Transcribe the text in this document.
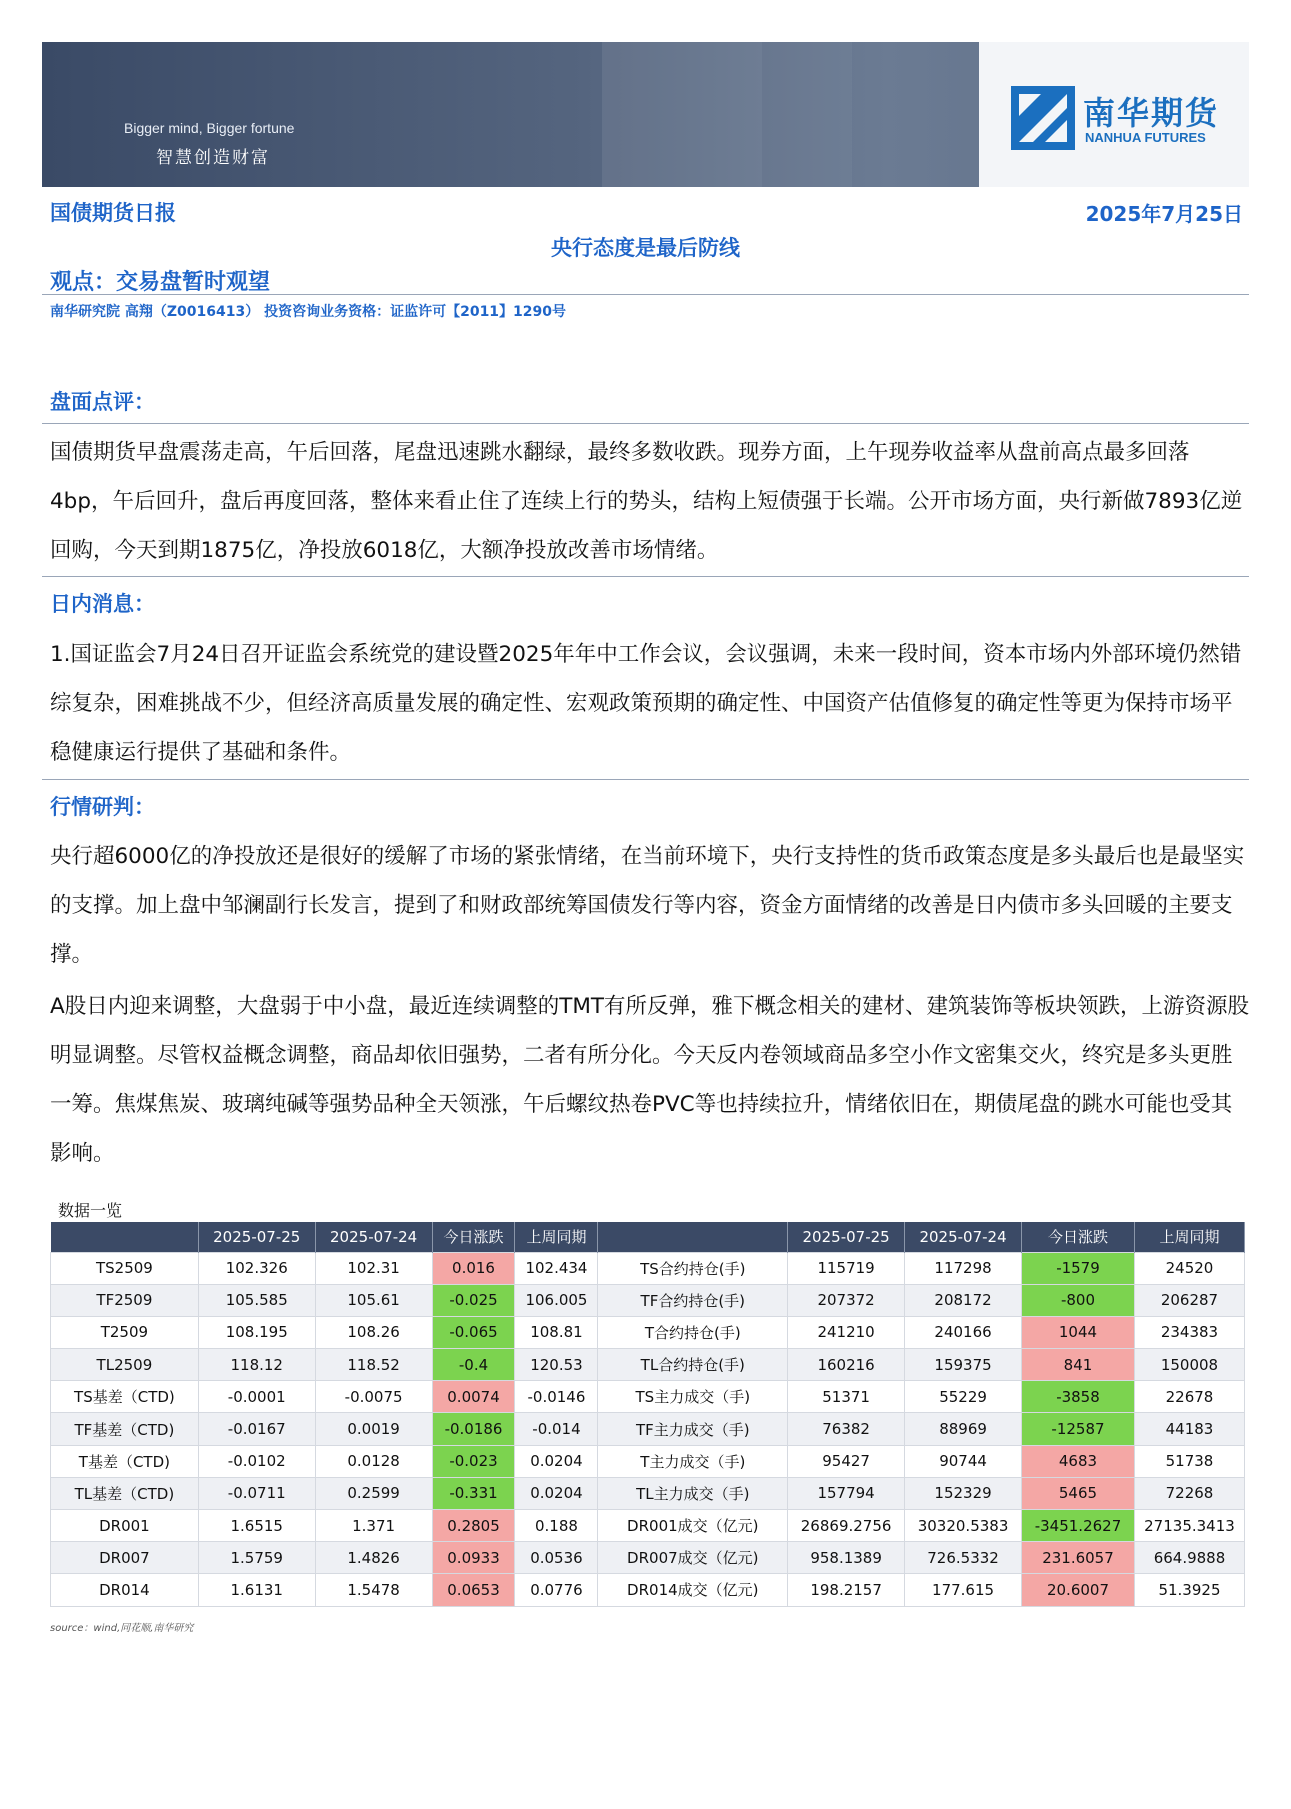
Bigger mind, Bigger fortune
智慧创造财富
南华期货
NANHUA FUTURES
国债期货日报	2025年7月25日
央行态度是最后防线
观点：交易盘暂时观望
南华研究院 高翔（Z0016413） 投资咨询业务资格：证监许可【2011】1290号
盘面点评：
国债期货早盘震荡走高，午后回落，尾盘迅速跳水翻绿，最终多数收跌。现券方面，上午现券收益率从盘前高点最多回落4bp，午后回升，盘后再度回落，整体来看止住了连续上行的势头，结构上短债强于长端。公开市场方面，央行新做7893亿逆回购，今天到期1875亿，净投放6018亿，大额净投放改善市场情绪。
日内消息：
1.国证监会7月24日召开证监会系统党的建设暨2025年年中工作会议，会议强调，未来一段时间，资本市场内外部环境仍然错综复杂，困难挑战不少，但经济高质量发展的确定性、宏观政策预期的确定性、中国资产估值修复的确定性等更为保持市场平稳健康运行提供了基础和条件。
行情研判：
央行超6000亿的净投放还是很好的缓解了市场的紧张情绪，在当前环境下，央行支持性的货币政策态度是多头最后也是最坚实的支撑。加上盘中邹澜副行长发言，提到了和财政部统筹国债发行等内容，资金方面情绪的改善是日内债市多头回暖的主要支撑。
A股日内迎来调整，大盘弱于中小盘，最近连续调整的TMT有所反弹，雅下概念相关的建材、建筑装饰等板块领跌，上游资源股明显调整。尽管权益概念调整，商品却依旧强势，二者有所分化。今天反内卷领域商品多空小作文密集交火，终究是多头更胜一筹。焦煤焦炭、玻璃纯碱等强势品种全天领涨，午后螺纹热卷PVC等也持续拉升，情绪依旧在，期债尾盘的跳水可能也受其影响。
数据一览
	2025-07-25	2025-07-24	今日涨跌	上周同期		2025-07-25	2025-07-24	今日涨跌	上周同期
TS2509	102.326	102.31	0.016	102.434	TS合约持仓(手)	115719	117298	-1579	24520
TF2509	105.585	105.61	-0.025	106.005	TF合约持仓(手)	207372	208172	-800	206287
T2509	108.195	108.26	-0.065	108.81	T合约持仓(手)	241210	240166	1044	234383
TL2509	118.12	118.52	-0.4	120.53	TL合约持仓(手)	160216	159375	841	150008
TS基差（CTD)	-0.0001	-0.0075	0.0074	-0.0146	TS主力成交（手)	51371	55229	-3858	22678
TF基差（CTD)	-0.0167	0.0019	-0.0186	-0.014	TF主力成交（手)	76382	88969	-12587	44183
T基差（CTD)	-0.0102	0.0128	-0.023	0.0204	T主力成交（手)	95427	90744	4683	51738
TL基差（CTD)	-0.0711	0.2599	-0.331	0.0204	TL主力成交（手)	157794	152329	5465	72268
DR001	1.6515	1.371	0.2805	0.188	DR001成交（亿元)	26869.2756	30320.5383	-3451.2627	27135.3413
DR007	1.5759	1.4826	0.0933	0.0536	DR007成交（亿元)	958.1389	726.5332	231.6057	664.9888
DR014	1.6131	1.5478	0.0653	0.0776	DR014成交（亿元)	198.2157	177.615	20.6007	51.3925
source：wind,同花顺,南华研究
